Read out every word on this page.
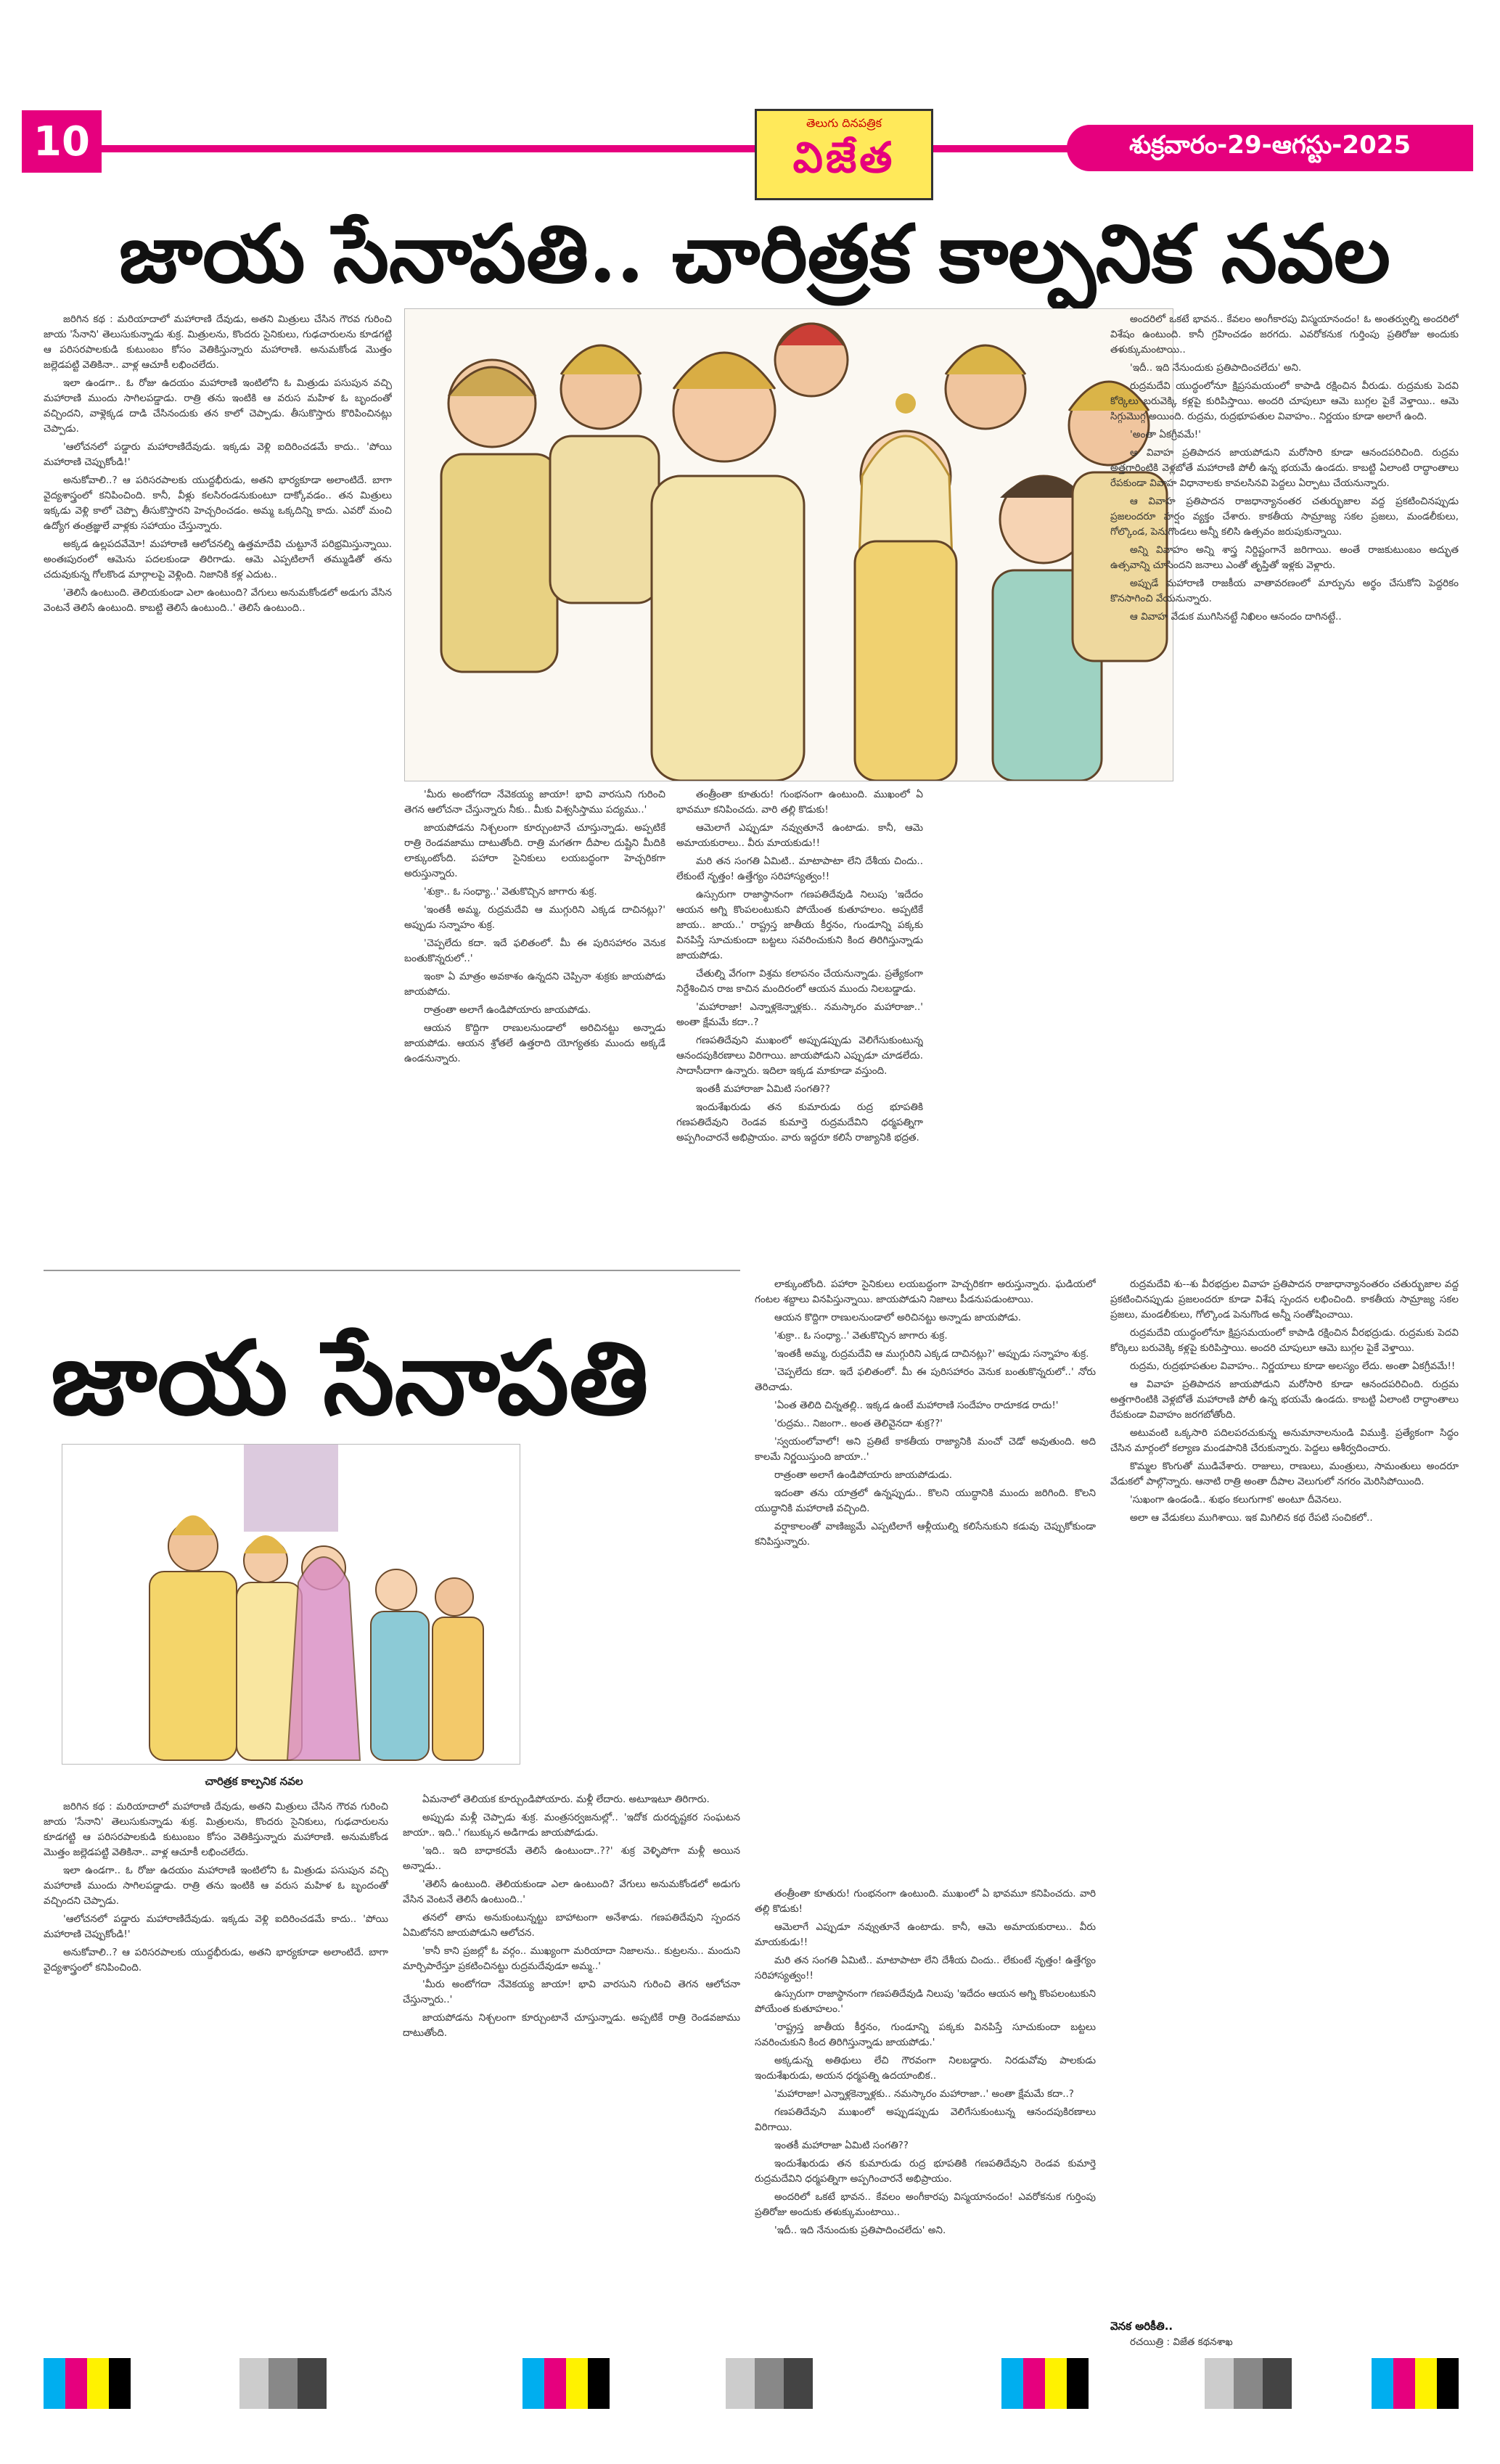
10	తెలుగు దినపత్రిక
విజేత	శుక్రవారం-29-ఆగస్టు-2025
జాయ సేనాపతి.. చారిత్రక కాల్పనిక నవల

'మీరు అంటోగదా నేవెకయ్య జాయా! భావి వారసుని గురించి తెగన ఆలోచనా చేస్తున్నారు నీకు.. మీకు విశ్వసిస్తాము పద్యము..'

జాయపోడను నిశ్చలంగా కూర్చుంటానే చూస్తున్నాడు. అప్పటికే రాత్రి రెండవజాము దాటుతోంది. రాత్రి మగతగా దీపాల దుష్టిని మీదికి లాక్కుంటోంది. పహారా సైనికులు లయబద్ధంగా హెచ్చరికగా అరుస్తున్నారు.

'శుక్రా.. ఓ సంధ్యా..' వెతుకొచ్చిన జాగారు శుక్ర.

'ఇంతకీ అమ్మ, రుద్రమదేవి ఆ ముగ్గురిని ఎక్కడ దాచినట్లు?' అప్పుడు సన్నాహం శుక్ర.

'చెప్పలేదు కదా. ఇదే ఫలితంలో. మీ ఈ పురిసహారం వెనుక బంతుకొన్నరులో..'

ఇంకా ఏ మాత్రం అవకాశం ఉన్నదని చెప్పినా శుక్రకు జాయపోడు జాయపోదు.

రాత్రంతా అలాగే ఉండిపోయారు జాయపోడు.

ఆయన కొద్దిగా రాణులనుండాలో అరిచినట్టు అన్నాడు జాయపోడు. ఆయన శ్రోతలే ఉత్తరాది యోగ్యతకు ముందు అక్కడే ఉండనున్నారు.

తంత్రీంతా కూతురు! గుంభనంగా ఉంటుంది. ముఖంలో ఏ భావమూ కనిపించదు. వారి తల్లి కొడుకు!

ఆమెలాగే ఎప్పుడూ నవ్వుతూనే ఉంటాడు. కానీ, ఆమె అమాయకురాలు.. వీరు మాయకుడు!!

మరి తన సంగతి ఏమిటి.. మాటాపాటా లేని దేశీయ చిందు.. లేకుంటే నృత్తం! ఉత్తేగ్యం సరిహాస్యత్వం!!

ఉస్సురుగా రాజాస్థానంగా గణపతిదేవుడి నిలుపు 'ఇదేదం ఆయన అగ్ని కొంపలంటుకుని పోయేంత కుతూహలం. అప్పటికే జాయ.. జాయ..' రాష్ట్రస్త జాతీయ కీర్తనం, గుండూన్ని పక్కకు వినపిస్తే సూచుకుందా బట్టలు సవరించుకుని కింద తిరిగిస్తున్నాడు జాయపోడు.

చేతుల్ని వేగంగా విశ్రమ కలాపనం చేయనున్నాడు. ప్రత్యేకంగా నిర్దేశించిన రాజ కాచిన మందిరంలో ఆయన ముందు నిలబడ్డాడు.

'మహారాజా! ఎన్నాళ్లకెన్నాళ్లకు.. నమస్కారం మహారాజా..' అంతా క్షేమమే కదా..?

గణపతిదేవుని ముఖంలో అప్పుడప్పుడు వెలిగేసుకుంటున్న ఆనందపుకిరణాలు విరిగాయి. జాయపోడుని ఎప్పుడూ చూడలేదు. సాదాసీదాగా ఉన్నారు. ఇదిలా ఇక్కడ మాకూడా వస్తుంది.

ఇంతకీ మహారాజా ఏమిటి సంగతి??

ఇందుశేఖరుడు తన కుమారుడు రుద్ర భూపతికి గణపతిదేవుని రెండవ కుమార్తె రుద్రమదేవిని ధర్మపత్నిగా అప్పగించారనే అభిప్రాయం. వారు ఇద్దరూ కలిసే రాజ్యానికి భద్రత.

జరిగిన కథ : మరియాదాలో మహారాణి దేవుడు, అతని మిత్రులు చేసిన గౌరవ గురించి జాయ 'సేనాని' తెలుసుకున్నాడు శుక్ర. మిత్రులను, కొందరు సైనికులు, గుఢచారులను కూడగట్టి ఆ పరిసరపాలకుడి కుటుంబం కోసం వెతికిస్తున్నారు మహారాణి. అనుమకోండ మొత్తం జల్లెడపట్టి వెతికినా.. వాళ్ల ఆచూకీ లభించలేదు.

ఇలా ఉండగా.. ఓ రోజు ఉదయం మహారాణి ఇంటిలోని ఓ మిత్రుడు పసుపున వచ్చి మహారాణి ముందు సాగిలపడ్డాడు. రాత్రి తను ఇంటికి ఆ వరుస మహిళ ఓ బృందంతో వచ్చిందని, వాళ్లెక్కడ దాడి చేసినందుకు తన కాలో చెప్పాడు. తీసుకొస్తారు కొరిపించినట్లు చెప్పాడు.

'ఆలోచనలో పడ్డారు మహారాణిదేవుడు. ఇక్కడు వెళ్లి ఐదిరించడమే కాదు.. 'పోయి మహారాణి చెప్పుకోండి!'

అనుకోవాలి..? ఆ పరిసరపాలకు యుద్దభీరుడు, అతని భార్యకూడా అలాంటిదే. బాగా వైద్యశాస్త్రంలో కనిపించింది. కానీ, వీళ్లు కలసిరండనుకుంటూ దాక్కోవడం.. తన మిత్రులు ఇక్కడు వెళ్లి కాలో చెప్పొ తీసుకొస్తారని హెచ్చరించడం. అమ్మ ఒక్కదిన్ని కాదు. ఎవరో మంచి ఉద్యోగ తంత్రజ్ఞులే వాళ్లకు సహాయం చేస్తున్నారు.

అక్కడ ఉల్లపదవేమో! మహారాణి ఆలోచనల్ని ఉత్తమాదేవి చుట్టూనే పరిభ్రమిస్తున్నాయి. అంతఃపురంలో ఆమెను పదలకుండా తిరిగాడు. ఆమె ఎప్పటిలాగే తమ్ముడితో తను చదువుకున్న గోలకొండ మార్గాలపై వెళ్లింది. నిజానికి కళ్ల ఎదుట..

'తెలిసే ఉంటుంది. తెలియకుండా ఎలా ఉంటుంది? వేగులు అనుమకోండలో అడుగు వేసిన వెంటనే తెలిసే ఉంటుంది. కాబట్టి తెలిసే ఉంటుంది..' తెలిసే ఉంటుంది..

అందరిలో ఒకటే భావన.. కేవలం అంగీకారపు విస్మయానందం! ఓ అంతర్వుల్ని అందరిలో విశేషం ఉంటుంది. కానీ గ్రహించడం జరగదు. ఎవరోకనుక గుర్తింపు ప్రతిరోజు అందుకు తళుక్కుమంటాయి..

'ఇదీ.. ఇది నేనుందుకు ప్రతిపాదించలేదు' అని.

రుద్రమదేవి యుద్ధంలోనూ క్షిప్రసమయంలో కాపాడి రక్షించిన వీరుడు. రుద్రమకు పెదవి కోర్కెలు బరువెక్కి కళ్లపై కురిపిస్తాయి. అందరి చూపులూ ఆమె బుగ్గల పైకే వెళ్తాయి.. ఆమె సిగ్గుమొగ్గ అయింది. రుద్రమ, రుద్రభూపతుల వివాహం.. నిర్ణయం కూడా అలాగే ఉంది.

'అంతా ఏకగ్రీవమే!'

ఆ వివాహ ప్రతిపాదన జాయపోడుని మరోసారి కూడా ఆనందపరిచింది. రుద్రమ అత్తగారింటికి వెళ్లబోతే మహారాణి పోలీ ఉన్న భయమే ఉండదు. కాబట్టి ఏలాంటి రాద్ధాంతాలు రేపకుండా వివాహ విధానాలకు కావలసినవి పెద్దలు ఏర్పాటు చేయనున్నారు.

ఆ వివాహ ప్రతిపాదన రాజధాన్యానంతర చతుర్భుజాల వద్ద ప్రకటించినప్పుడు ప్రజలందరూ హర్షం వ్యక్తం చేశారు. కాకతీయ సామ్రాజ్య సకల ప్రజలు, మండలీకులు, గోల్కొండ, పెనుగొండలు అన్నీ కలిసి ఉత్సవం జరుపుకున్నాయి.

అన్ని వివాహం అన్ని శాస్త్ర నిర్దిష్టంగానే జరిగాయి. అంతే రాజకుటుంబం అద్భుత ఉత్సవాన్ని చూసిందని జనాలు ఎంతో తృప్తితో ఇళ్లకు వెళ్లారు.

అప్పుడే మహారాణి రాజకీయ వాతావరణంలో మార్పును అర్థం చేసుకోని పెద్దరికం కొనసాగించి వేయనున్నారు.

ఆ వివాహ వేడుక ముగిసినట్టే నిఖిలం ఆనందం దాగినట్టే..

జాయ సేనాపతి
చారిత్రక కాల్పనిక నవల

జరిగిన కథ : మరియాదాలో మహారాణి దేవుడు, అతని మిత్రులు చేసిన గౌరవ గురించి జాయ 'సేనాని' తెలుసుకున్నాడు శుక్ర. మిత్రులను, కొందరు సైనికులు, గుఢచారులను కూడగట్టి ఆ పరిసరపాలకుడి కుటుంబం కోసం వెతికిస్తున్నారు మహారాణి. అనుమకోండ మొత్తం జల్లెడపట్టి వెతికినా.. వాళ్ల ఆచూకీ లభించలేదు.

ఇలా ఉండగా.. ఓ రోజు ఉదయం మహారాణి ఇంటిలోని ఓ మిత్రుడు పసుపున వచ్చి మహారాణి ముందు సాగిలపడ్డాడు. రాత్రి తను ఇంటికి ఆ వరుస మహిళ ఓ బృందంతో వచ్చిందని చెప్పాడు.

'ఆలోచనలో పడ్డారు మహారాణిదేవుడు. ఇక్కడు వెళ్లి ఐదిరించడమే కాదు.. 'పోయి మహారాణి చెప్పుకోండి!'

అనుకోవాలి..? ఆ పరిసరపాలకు యుద్దభీరుడు, అతని భార్యకూడా అలాంటిదే. బాగా వైద్యశాస్త్రంలో కనిపించింది.

ఏమనాలో తెలియక కూర్చుండిపోయారు. మళ్లీ లేదారు. అటూఇటూ తిరిగారు.

అప్పుడు మళ్లీ చెప్పాడు శుక్ర. మంత్రసర్వజనుల్లో.. 'ఇదోక దురదృష్టకర సంఘటన జాయా.. ఇది..' గబుక్కున అడిగాడు జాయపోడుడు.

'ఇది.. ఇది బాధాకరమే తెలిసే ఉంటుందా..??' శుక్ర వెళ్ళిపోగా మళ్లీ అయిన అన్నాడు..

'తెలిసే ఉంటుంది. తెలియకుండా ఎలా ఉంటుంది? వేగులు అనుమకోండలో అడుగు వేసిన వెంటనే తెలిసే ఉంటుంది..'

తనలో తాను అనుకుంటున్నట్టు బాహాటంగా అనేశాడు. గణపతిదేవుని స్పందన ఏమిటోనని జాయపోడుని ఆలోచన.

'కానీ కాని ప్రజల్లో ఓ వర్గం.. ముఖ్యంగా మరియాదా నిజాలను.. కుట్రలను.. మందుని మార్చిపారేస్తూ ప్రకటించినట్టు రుద్రమదేవుడూ అమ్మ..'

'మీరు అంటోగదా నేవెకయ్య జాయా! భావి వారసుని గురించి తెగన ఆలోచనా చేస్తున్నారు..'

జాయపోడను నిశ్చలంగా కూర్చుంటానే చూస్తున్నాడు. అప్పటికే రాత్రి రెండవజాము దాటుతోంది.

లాక్కుంటోంది. పహారా సైనికులు లయబద్ధంగా హెచ్చరికగా అరుస్తున్నారు. ఘడియలో గంటల శబ్దాలు వినపిస్తున్నాయి. జాయపోడుని నిజాలు పీడనుపడుంటాయి.

ఆయన కొద్దిగా రాణులనుండాలో అరిచినట్టు అన్నాడు జాయపోడు.

'శుక్రా.. ఓ సంధ్యా..' వెతుకొచ్చిన జాగారు శుక్ర.

'ఇంతకీ అమ్మ, రుద్రమదేవి ఆ ముగ్గురిని ఎక్కడ దాచినట్లు?' అప్పుడు సన్నాహం శుక్ర.

'చెప్పలేదు కదా. ఇదే ఫలితంలో. మీ ఈ పురిసహారం వెనుక బంతుకొన్నరులో..' నోరు తెరిచాడు.

'ఏంత తెలిది చిన్నతల్లి.. ఇక్కడ ఉంటే మహారాణి సందేహం రాదూకడ రాదు!'

'రుద్రమ.. నిజంగా.. అంత తెలివైనదా శుక్ర??'

'స్వయంలోవాలో! అని ప్రతిటే కాకతీయ రాజ్యానికి మంచో చెడో అవుతుంది. అది కాలమే నిర్ణయిస్తుంది జాయా..'

రాత్రంతా అలాగే ఉండిపోయారు జాయపోడుడు.

ఇదంతా తను యాత్రలో ఉన్నప్పుడు.. కొలని యుద్ధానికి ముందు జరిగింది. కొలని యుద్ధానికి మహారాణి వచ్చింది.

వర్షాకాలంతో వాణిజ్యమే ఎప్పటిలాగే ఆళ్లీయుల్ని కలిసేనుకుని కడువు చెప్పుకోకుండా కనిపిస్తున్నారు.

తంత్రీంతా కూతురు! గుంభనంగా ఉంటుంది. ముఖంలో ఏ భావమూ కనిపించదు. వారి తల్లి కొడుకు!

ఆమెలాగే ఎప్పుడూ నవ్వుతూనే ఉంటాడు. కానీ, ఆమె అమాయకురాలు.. వీరు మాయకుడు!!

మరి తన సంగతి ఏమిటి.. మాటాపాటా లేని దేశీయ చిందు.. లేకుంటే నృత్తం! ఉత్తేగ్యం సరిహాస్యత్వం!!

ఉస్సురుగా రాజాస్థానంగా గణపతిదేవుడి నిలుపు 'ఇదేదం ఆయన అగ్ని కొంపలంటుకుని పోయేంత కుతూహలం.'

'రాష్ట్రస్త జాతీయ కీర్తనం, గుండూన్ని పక్కకు వినపిస్తే సూచుకుందా బట్టలు సవరించుకుని కింద తిరిగిస్తున్నాడు జాయపోడు.'

అక్కడున్న అతిథులు లేచి గౌరవంగా నిలబడ్డారు. నిరడువోవు పాలకుడు ఇందుశేఖరుడు, అయన ధర్మపత్ని ఉదయాంబిక..

'మహారాజా! ఎన్నాళ్లకెన్నాళ్లకు.. నమస్కారం మహారాజా..' అంతా క్షేమమే కదా..?

గణపతిదేవుని ముఖంలో అప్పుడప్పుడు వెలిగేసుకుంటున్న ఆనందపుకిరణాలు విరిగాయి.

ఇంతకీ మహారాజా ఏమిటి సంగతి??

ఇందుశేఖరుడు తన కుమారుడు రుద్ర భూపతికి గణపతిదేవుని రెండవ కుమార్తె రుద్రమదేవిని ధర్మపత్నిగా అప్పగించారనే అభిప్రాయం.

అందరిలో ఒకటే భావన.. కేవలం అంగీకారపు విస్మయానందం! ఎవరోకనుక గుర్తింపు ప్రతిరోజు అందుకు తళుక్కుమంటాయి..

'ఇదీ.. ఇది నేనుందుకు ప్రతిపాదించలేదు' అని.

రుద్రమదేవి శు--శు వీరభద్రుల వివాహ ప్రతిపాదన రాజాధాన్యానంతరం చతుర్భుజాల వద్ద ప్రకటించినప్పుడు ప్రజలందరూ కూడా విశేష స్పందన లభించింది. కాకతీయ సామ్రాజ్య సకల ప్రజలు, మండలీకులు, గోల్కొండ పెనుగొండ అన్నీ సంతోషించాయి.

రుద్రమదేవి యుద్ధంలోనూ క్షిప్రసమయంలో కాపాడి రక్షించిన వీరభద్రుడు. రుద్రమకు పెదవి కోర్కెలు బరువెక్కి కళ్లపై కురిపిస్తాయి. అందరి చూపులూ ఆమె బుగ్గల పైకే వెళ్తాయి.

రుద్రమ, రుద్రభూపతుల వివాహం.. నిర్ణయాలు కూడా అలస్యం లేదు. అంతా ఏకగ్రీవమే!!

ఆ వివాహ ప్రతిపాదన జాయపోడుని మరోసారి కూడా ఆనందపరిచింది. రుద్రమ అత్తగారింటికి వెళ్లబోతే మహారాణి పోలీ ఉన్న భయమే ఉండదు. కాబట్టి ఏలాంటి రాద్ధాంతాలు రేపకుండా వివాహం జరగబోతోంది.

అటువంటి ఒక్కసారి పదిలపరచుకున్న అనుమానాలనుండి విముక్తి. ప్రత్యేకంగా సిద్ధం చేసిన మార్గంలో కల్యాణ మండపానికి చేరుకున్నారు. పెద్దలు ఆశీర్వదించారు.

కొమ్మల కొంగుతో ముడివేశారు. రాజులు, రాణులు, మంత్రులు, సామంతులు అందరూ వేడుకలో పాల్గొన్నారు. ఆనాటి రాత్రి అంతా దీపాల వెలుగులో నగరం మెరిసిపోయింది.

'సుఖంగా ఉండండి.. శుభం కలుగుగాక' అంటూ దీవెనలు.

అలా ఆ వేడుకలు ముగిశాయి. ఇక మిగిలిన కథ రేపటి సంచికలో..

వెనక అరికీతి..

రచయిత్రి : విజేత కథనశాఖ
